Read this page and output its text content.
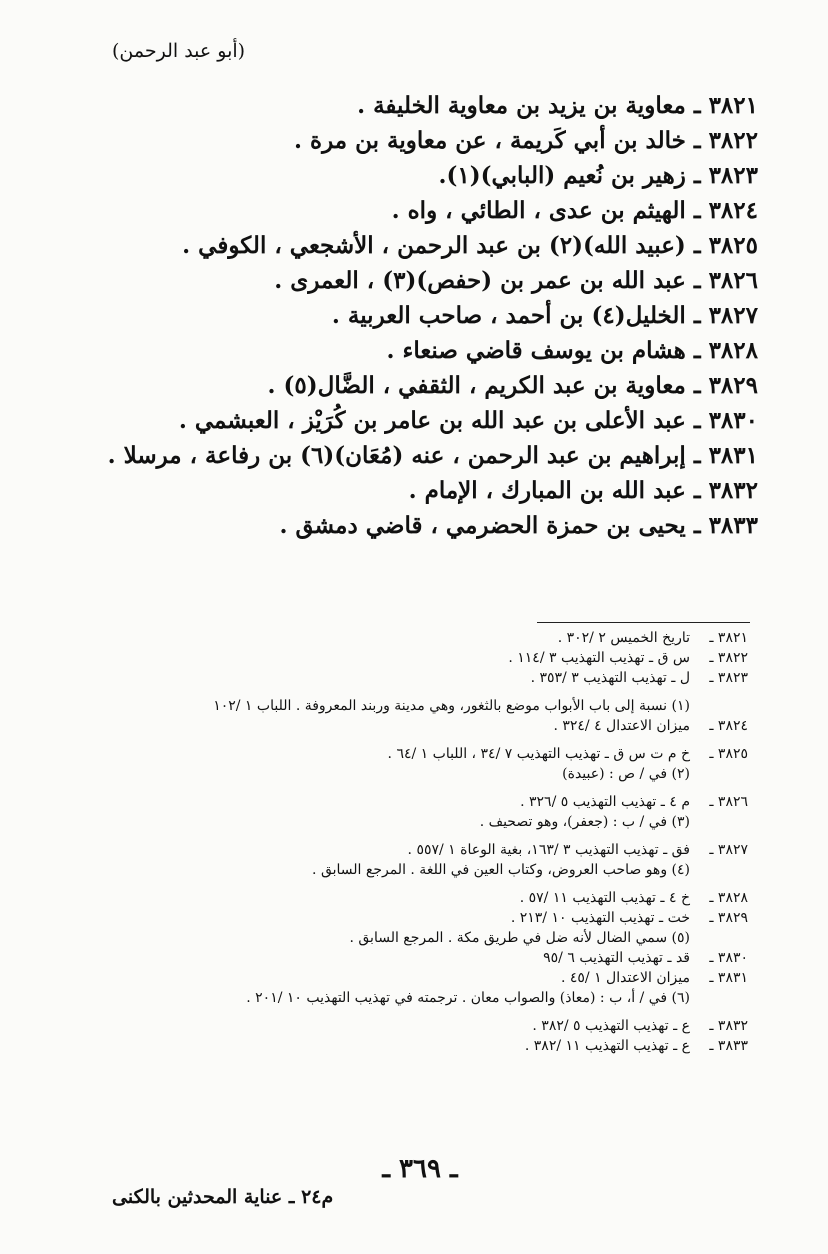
(أبو عبد الرحمن)
٣٨٢١ ـ معاوية بن يزيد بن معاوية الخليفة .
٣٨٢٢ ـ خالد بن أبي كَريمة ، عن معاوية بن مرة .
٣٨٢٣ ـ زهير بن نُعيم (البابي)(١).
٣٨٢٤ ـ الهيثم بن عدى ، الطائي ، واه .
٣٨٢٥ ـ (عبيد الله)(٢) بن عبد الرحمن ، الأشجعي ، الكوفي .
٣٨٢٦ ـ عبد الله بن عمر بن (حفص)(٣) ، العمرى .
٣٨٢٧ ـ الخليل(٤) بن أحمد ، صاحب العربية .
٣٨٢٨ ـ هشام بن يوسف قاضي صنعاء .
٣٨٢٩ ـ معاوية بن عبد الكريم ، الثقفي ، الضَّال(٥) .
٣٨٣٠ ـ عبد الأعلى بن عبد الله بن عامر بن كُرَيْز ، العبشمي .
٣٨٣١ ـ إبراهيم بن عبد الرحمن ، عنه (مُعَان)(٦) بن رفاعة ، مرسلا .
٣٨٣٢ ـ عبد الله بن المبارك ، الإمام .
٣٨٣٣ ـ يحيى بن حمزة الحضرمي ، قاضي دمشق .
٣٨٢١ ـ
تاريخ الخميس ٢ /٣٠٢ .
٣٨٢٢ ـ
س ق ـ تهذيب التهذيب ٣ /١١٤ .
٣٨٢٣ ـ
ل ـ تهذيب التهذيب ٣ /٣٥٣ .
(١) نسبة إلى باب الأبواب موضع بالثغور، وهي مدينة وربند المعروفة . اللباب ١ /١٠٢
٣٨٢٤ ـ
ميزان الاعتدال ٤ /٣٢٤ .
٣٨٢٥ ـ
خ م ت س ق ـ تهذيب التهذيب ٧ /٣٤ ، اللباب ١ /٦٤ .
(٢) في / ص : (عبيدة)
٣٨٢٦ ـ
م ٤ ـ تهذيب التهذيب ٥ /٣٢٦ .
(٣) في / ب : (جعفر)، وهو تصحيف .
٣٨٢٧ ـ
فق ـ تهذيب التهذيب ٣ /١٦٣، بغية الوعاة ١ /٥٥٧ .
(٤) وهو صاحب العروض، وكتاب العين في اللغة . المرجع السابق .
٣٨٢٨ ـ
خ ٤ ـ تهذيب التهذيب ١١ /٥٧ .
٣٨٢٩ ـ
خت ـ تهذيب التهذيب ١٠ /٢١٣ .
(٥) سمي الضال لأنه ضل في طريق مكة . المرجع السابق .
٣٨٣٠ ـ
قد ـ تهذيب التهذيب ٦ /٩٥
٣٨٣١ ـ
ميزان الاعتدال ١ /٤٥ .
(٦) في / أ، ب : (معاذ) والصواب معان . ترجمته في تهذيب التهذيب ١٠ /٢٠١ .
٣٨٣٢ ـ
ع ـ تهذيب التهذيب ٥ /٣٨٢ .
٣٨٣٣ ـ
ع ـ تهذيب التهذيب ١١ /٣٨٢ .
ـ ٣٦٩ ـ
م٢٤ ـ عناية المحدثين بالكنى
